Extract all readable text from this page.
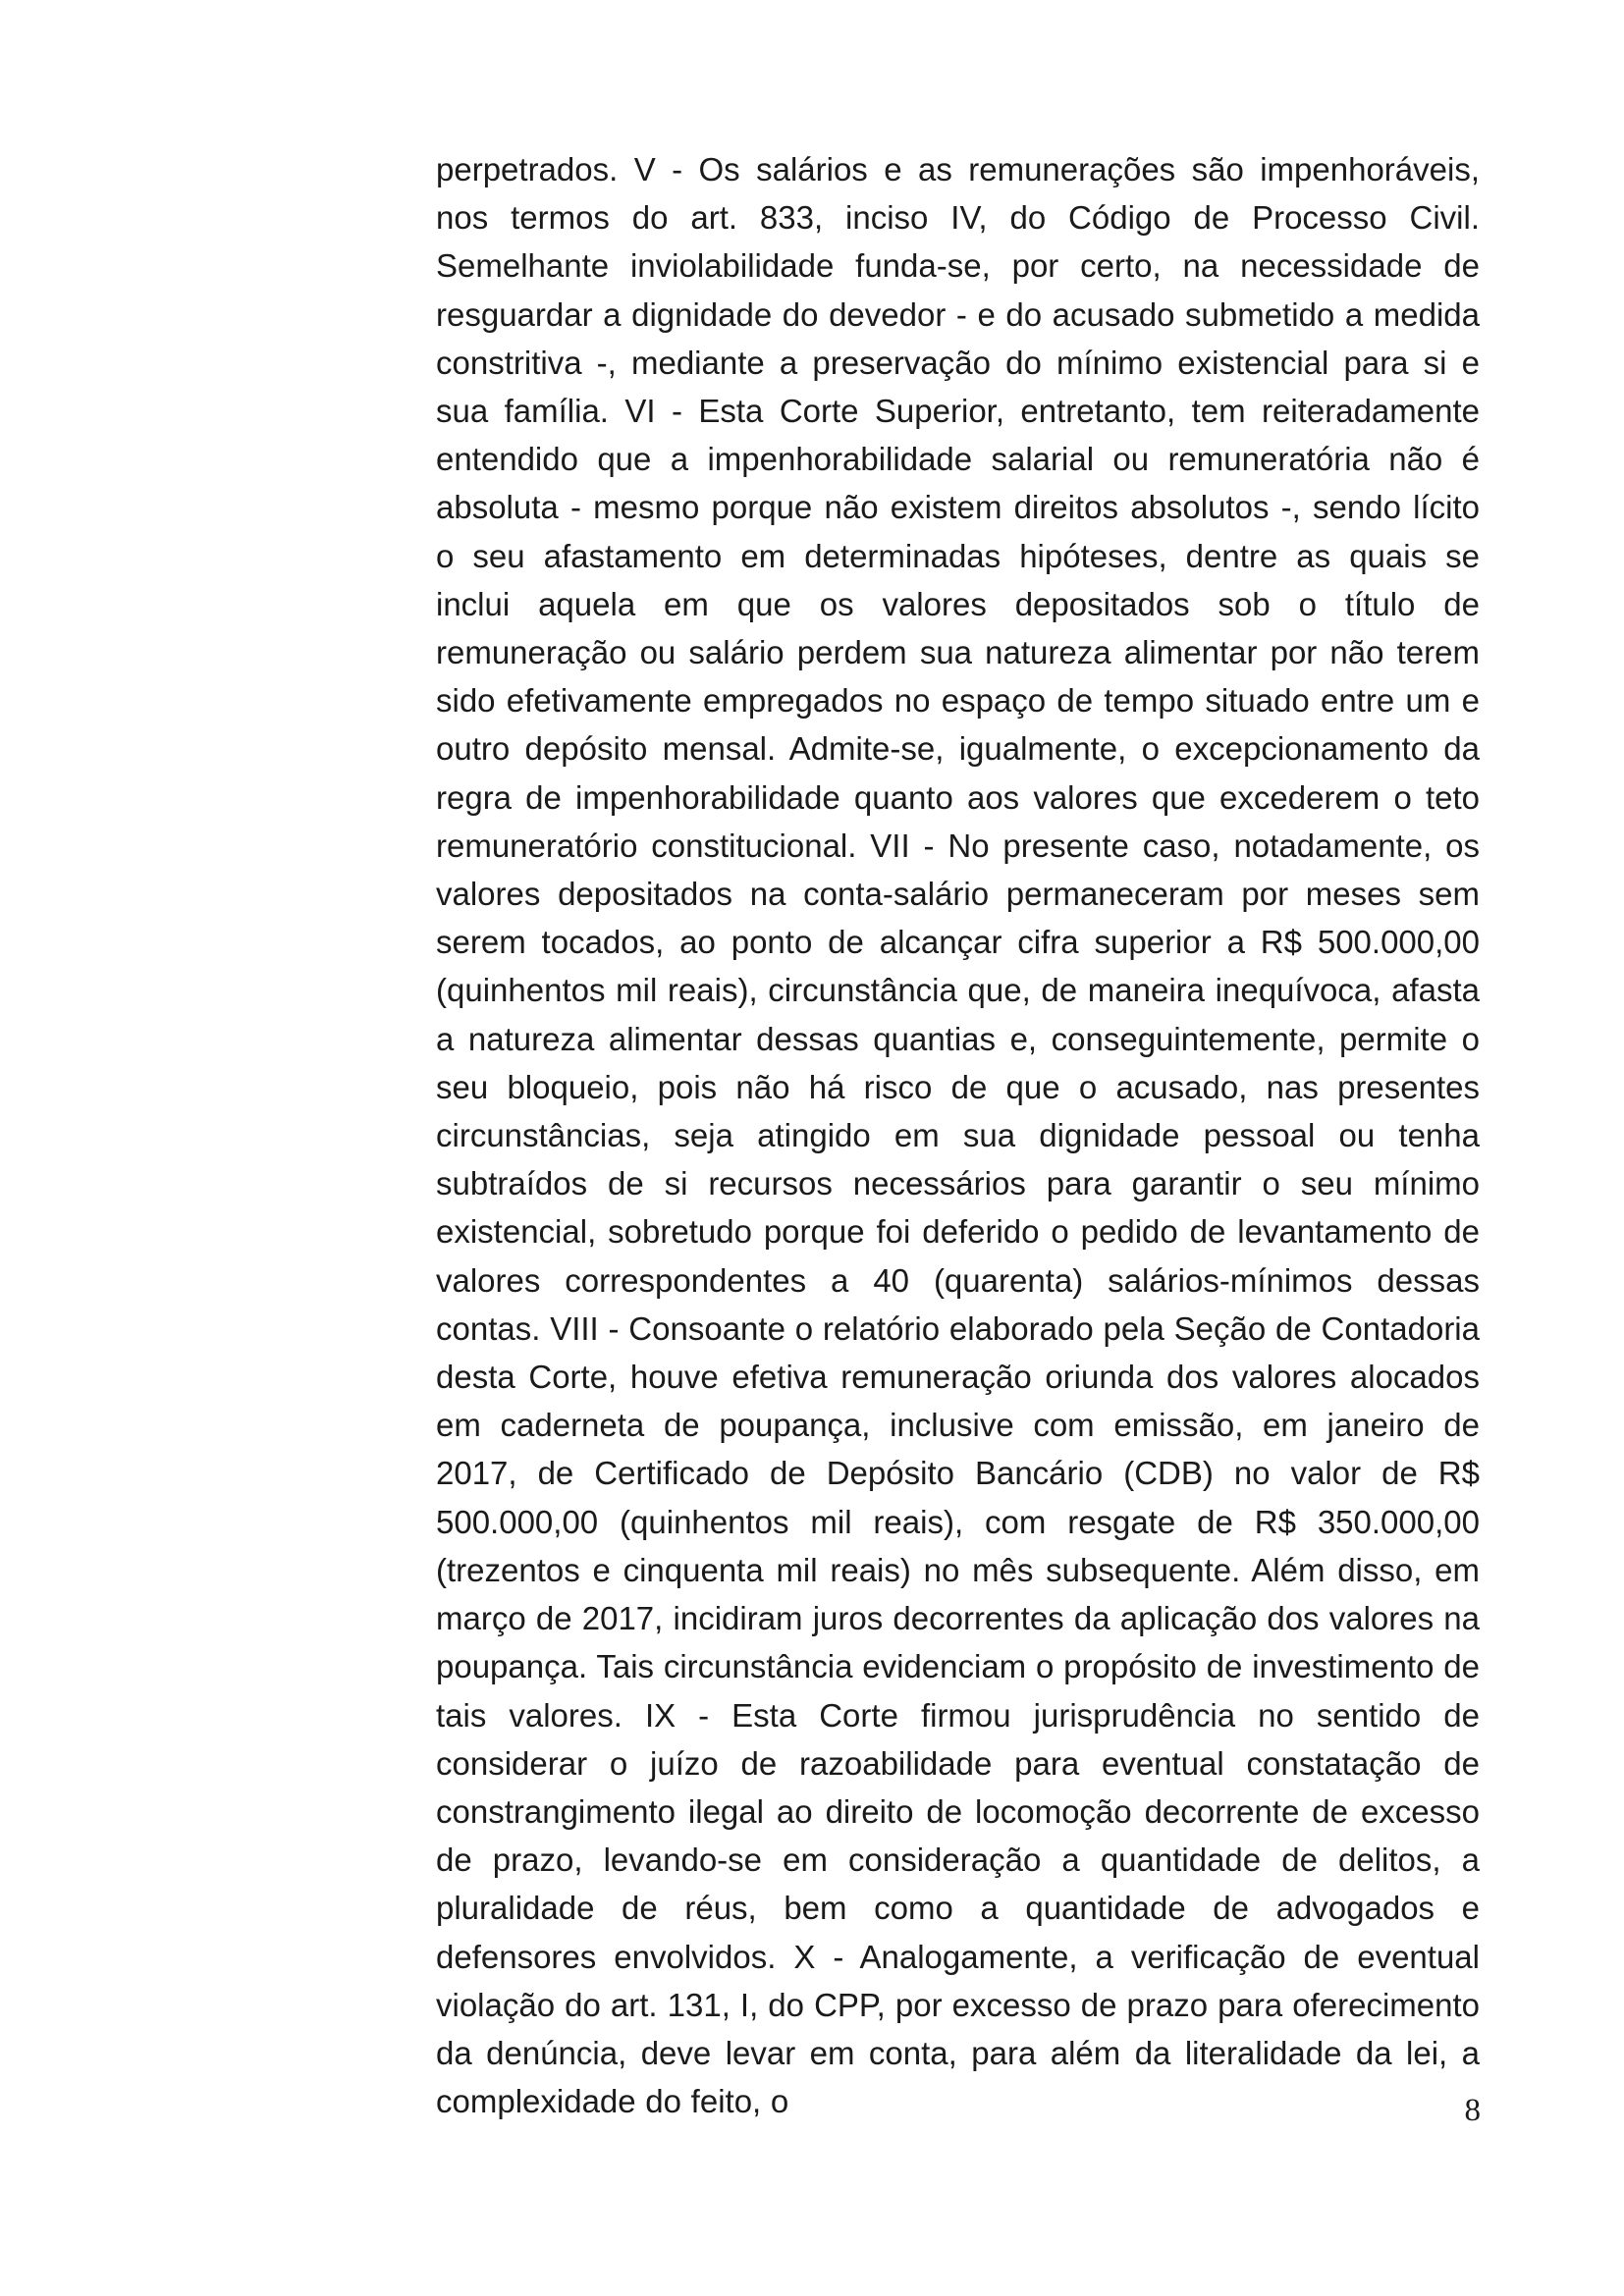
perpetrados. V - Os salários e as remunerações são impenhoráveis, nos termos do art. 833, inciso IV, do Código de Processo Civil. Semelhante inviolabilidade funda-se, por certo, na necessidade de resguardar a dignidade do devedor - e do acusado submetido a medida constritiva -, mediante a preservação do mínimo existencial para si e sua família. VI - Esta Corte Superior, entretanto, tem reiteradamente entendido que a impenhorabilidade salarial ou remuneratória não é absoluta - mesmo porque não existem direitos absolutos -, sendo lícito o seu afastamento em determinadas hipóteses, dentre as quais se inclui aquela em que os valores depositados sob o título de remuneração ou salário perdem sua natureza alimentar por não terem sido efetivamente empregados no espaço de tempo situado entre um e outro depósito mensal. Admite-se, igualmente, o excepcionamento da regra de impenhorabilidade quanto aos valores que excederem o teto remuneratório constitucional. VII - No presente caso, notadamente, os valores depositados na conta-salário permaneceram por meses sem serem tocados, ao ponto de alcançar cifra superior a R$ 500.000,00 (quinhentos mil reais), circunstância que, de maneira inequívoca, afasta a natureza alimentar dessas quantias e, conseguintemente, permite o seu bloqueio, pois não há risco de que o acusado, nas presentes circunstâncias, seja atingido em sua dignidade pessoal ou tenha subtraídos de si recursos necessários para garantir o seu mínimo existencial, sobretudo porque foi deferido o pedido de levantamento de valores correspondentes a 40 (quarenta) salários-mínimos dessas contas. VIII - Consoante o relatório elaborado pela Seção de Contadoria desta Corte, houve efetiva remuneração oriunda dos valores alocados em caderneta de poupança, inclusive com emissão, em janeiro de 2017, de Certificado de Depósito Bancário (CDB) no valor de R$ 500.000,00 (quinhentos mil reais), com resgate de R$ 350.000,00 (trezentos e cinquenta mil reais) no mês subsequente. Além disso, em março de 2017, incidiram juros decorrentes da aplicação dos valores na poupança. Tais circunstância evidenciam o propósito de investimento de tais valores. IX - Esta Corte firmou jurisprudência no sentido de considerar o juízo de razoabilidade para eventual constatação de constrangimento ilegal ao direito de locomoção decorrente de excesso de prazo, levando-se em consideração a quantidade de delitos, a pluralidade de réus, bem como a quantidade de advogados e defensores envolvidos. X - Analogamente, a verificação de eventual violação do art. 131, I, do CPP, por excesso de prazo para oferecimento da denúncia, deve levar em conta, para além da literalidade da lei, a complexidade do feito, o	8
